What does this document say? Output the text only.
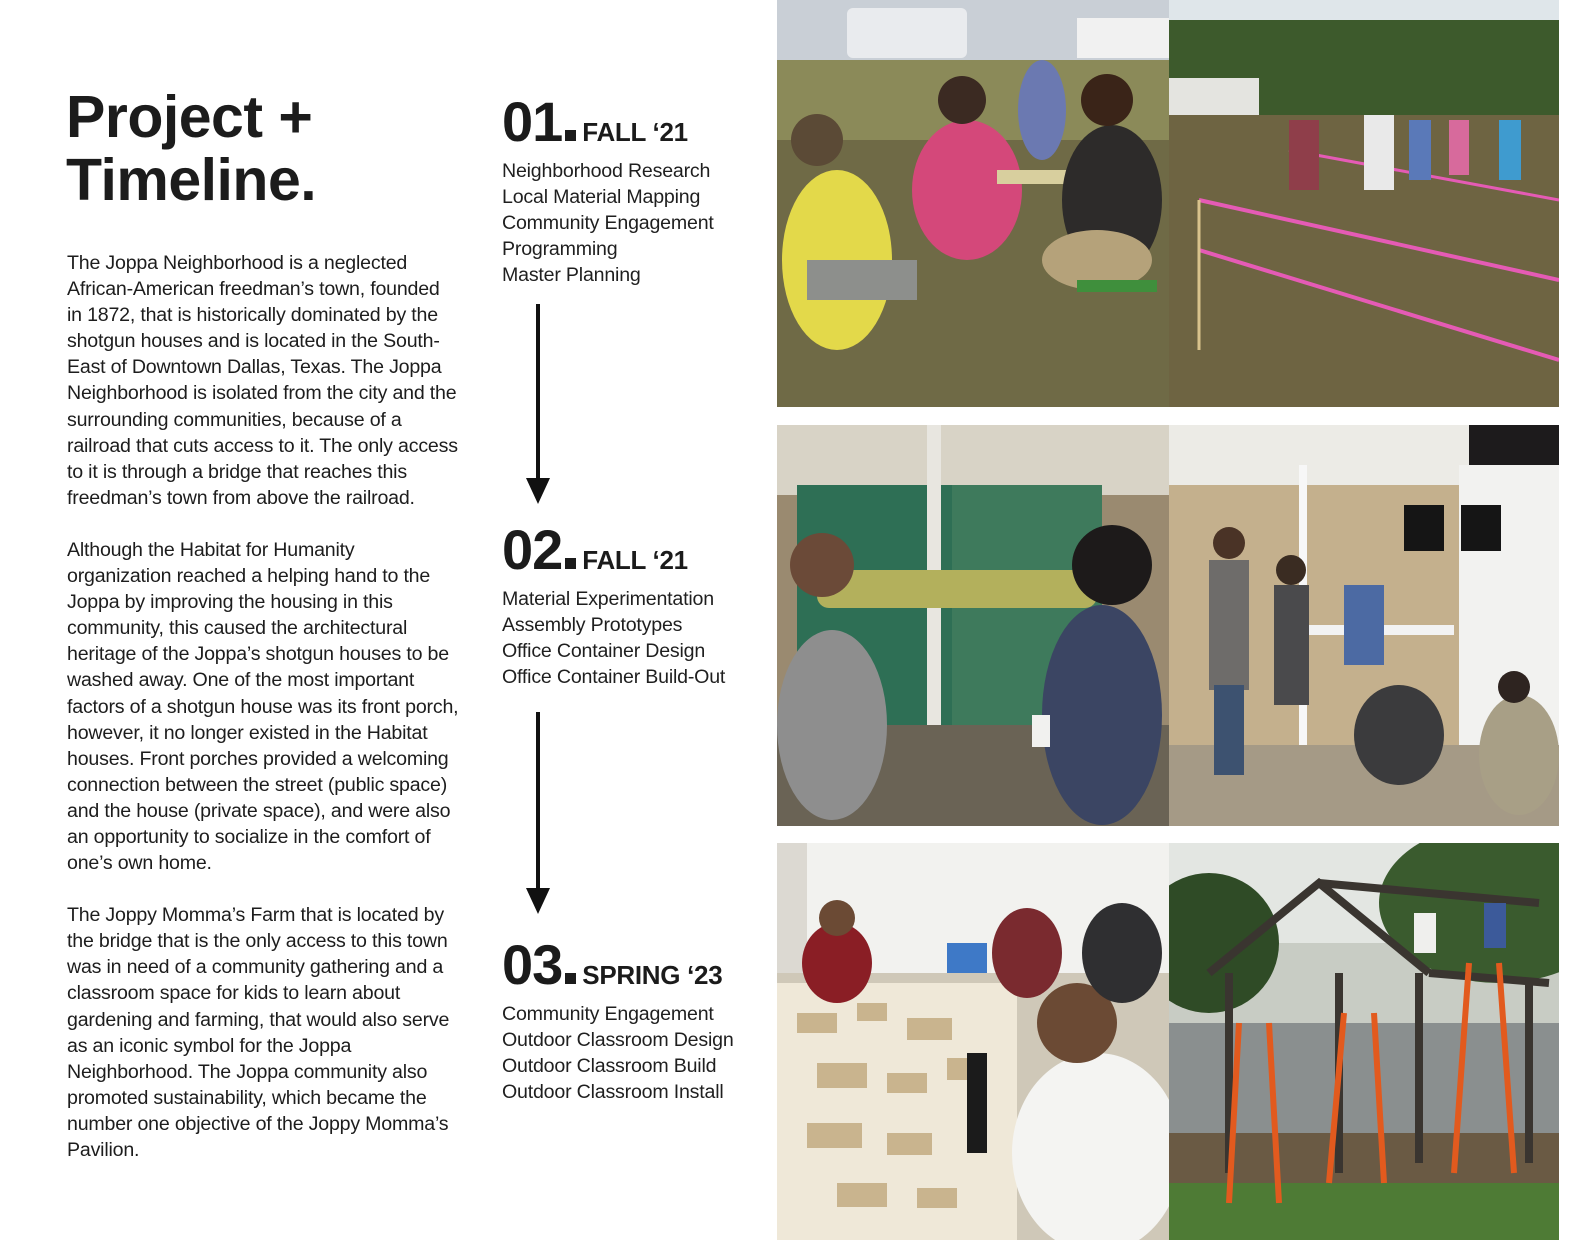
Project +
Timeline.

The Joppa Neighborhood is a neglected African-American freedman’s town, founded in 1872, that is historically dominated by the shotgun houses and is located in the South-East of Downtown Dallas, Texas. The Joppa Neighborhood is isolated from the city and the surrounding communities, because of a railroad that cuts access to it. The only access to it is through a bridge that reaches this freedman’s town from above the railroad.

Although the Habitat for Humanity organization reached a helping hand to the Joppa by improving the housing in this community, this caused the architectural heritage of the Joppa’s shotgun houses to be washed away. One of the most important factors of a shotgun house was its front porch, however, it no longer existed in the Habitat houses. Front porches provided a welcoming connection between the street (public space) and the house (private space), and were also an opportunity to socialize in the comfort of one’s own home.

The Joppy Momma’s Farm that is located by the bridge that is the only access to this town was in need of a community gathering and a classroom space for kids to learn about gardening and farming, that would also serve as an iconic symbol for the Joppa Neighborhood. The Joppa community also promoted sustainability, which became the number one objective of the Joppy Momma’s Pavilion.

01 FALL ‘21
Neighborhood Research
Local Material Mapping
Community Engagement
Programming
Master Planning
02 FALL ‘21
Material Experimentation
Assembly Prototypes
Office Container Design
Office Container Build-Out
03 SPRING ‘23
Community Engagement
Outdoor Classroom Design
Outdoor Classroom Build
Outdoor Classroom Install
